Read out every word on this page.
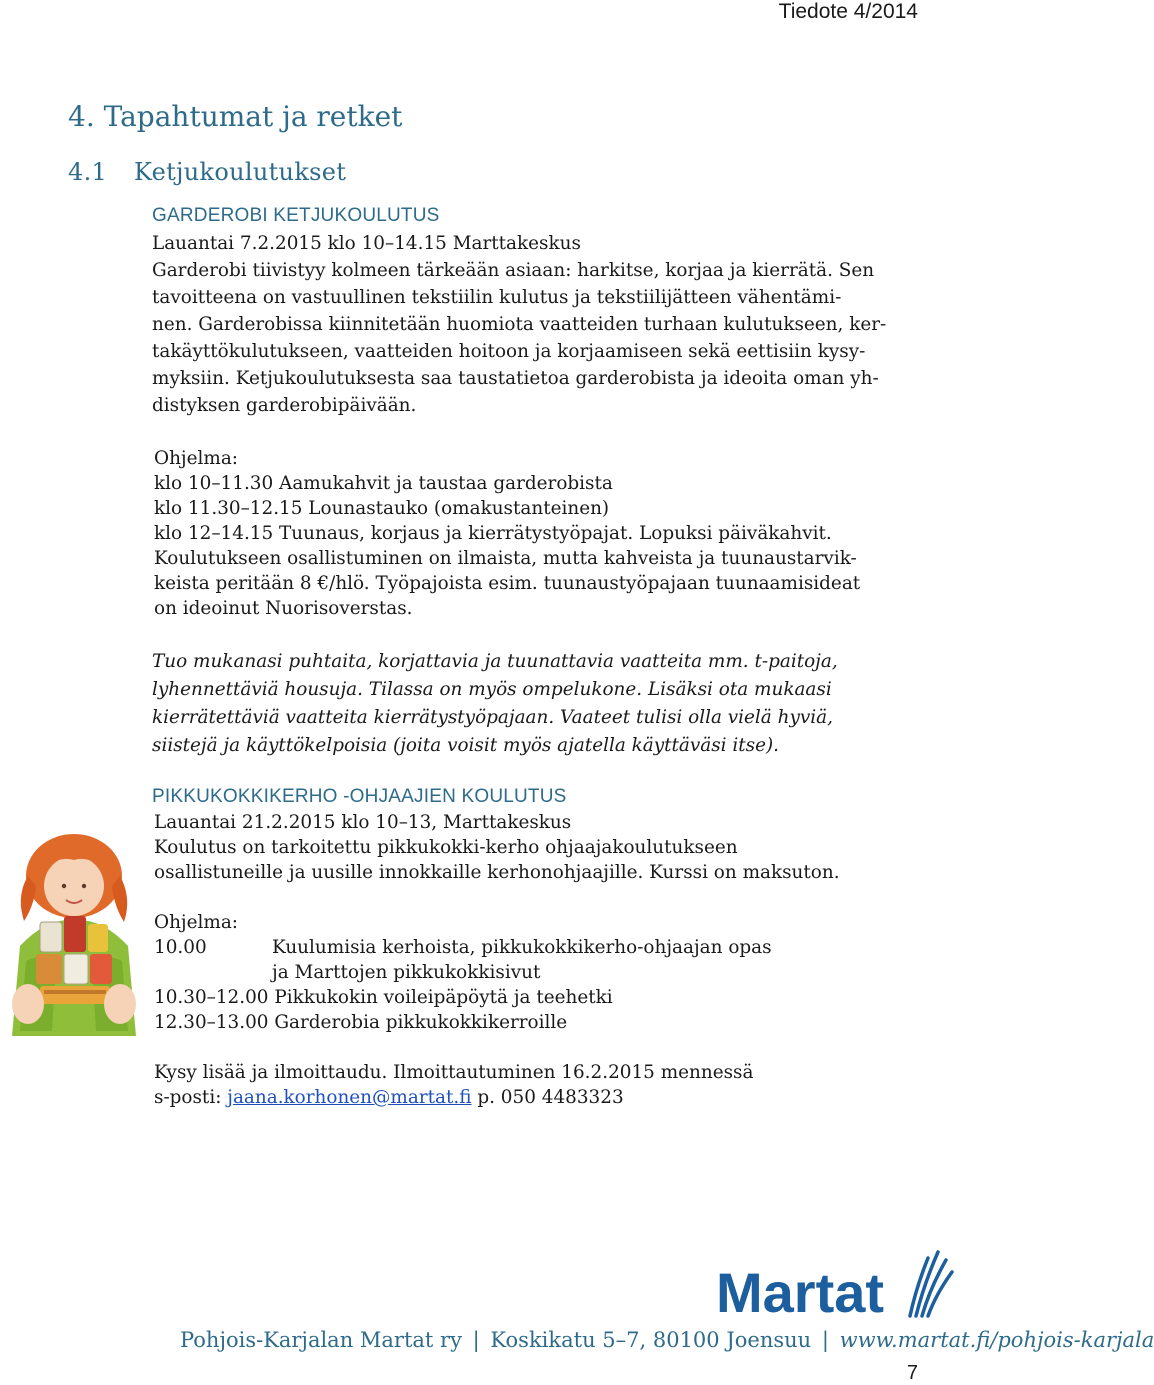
Tiedote 4/2014
4. Tapahtumat ja retket
4.1 Ketjukoulutukset
GARDEROBI KETJUKOULUTUS
Lauantai 7.2.2015 klo 10–14.15 Marttakeskus
Garderobi tiivistyy kolmeen tärkeään asiaan: harkitse, korjaa ja kierrätä. Sen
tavoitteena on vastuullinen tekstiilin kulutus ja tekstiilijätteen vähentämi-
nen. Garderobissa kiinnitetään huomiota vaatteiden turhaan kulutukseen, ker-
takäyttökulutukseen, vaatteiden hoitoon ja korjaamiseen sekä eettisiin kysy-
myksiin. Ketjukoulutuksesta saa taustatietoa garderobista ja ideoita oman yh-
distyksen garderobipäivään.
Ohjelma:
klo 10–11.30 Aamukahvit ja taustaa garderobista
klo 11.30–12.15 Lounastauko (omakustanteinen)
klo 12–14.15 Tuunaus, korjaus ja kierrätystyöpajat. Lopuksi päiväkahvit.
Koulutukseen osallistuminen on ilmaista, mutta kahveista ja tuunaustarvik-
keista peritään 8 €/hlö. Työpajoista esim. tuunaustyöpajaan tuunaamisideat
on ideoinut Nuorisoverstas.
Tuo mukanasi puhtaita, korjattavia ja tuunattavia vaatteita mm. t-paitoja,
lyhennettäviä housuja. Tilassa on myös ompelukone. Lisäksi ota mukaasi
kierrätettäviä vaatteita kierrätystyöpajaan. Vaateet tulisi olla vielä hyviä,
siistejä ja käyttökelpoisia (joita voisit myös ajatella käyttäväsi itse).
PIKKUKOKKIKERHO -OHJAAJIEN KOULUTUS
Lauantai 21.2.2015 klo 10–13, Marttakeskus
Koulutus on tarkoitettu pikkukokki-kerho ohjaajakoulutukseen
osallistuneille ja uusille innokkaille kerhonohjaajille. Kurssi on maksuton.
Ohjelma:
10.00	Kuulumisia kerhoista, pikkukokkikerho-ohjaajan opas
ja Marttojen pikkukokkisivut
10.30–12.00 Pikkukokin voileipäpöytä ja teehetki
12.30–13.00 Garderobia pikkukokkikerroille
Kysy lisää ja ilmoittaudu. Ilmoittautuminen 16.2.2015 mennessä
s-posti: jaana.korhonen@martat.fi p. 050 4483323
Martat
Pohjois-Karjalan Martat ry | Koskikatu 5–7, 80100 Joensuu | www.martat.fi/pohjois-karjala
7
